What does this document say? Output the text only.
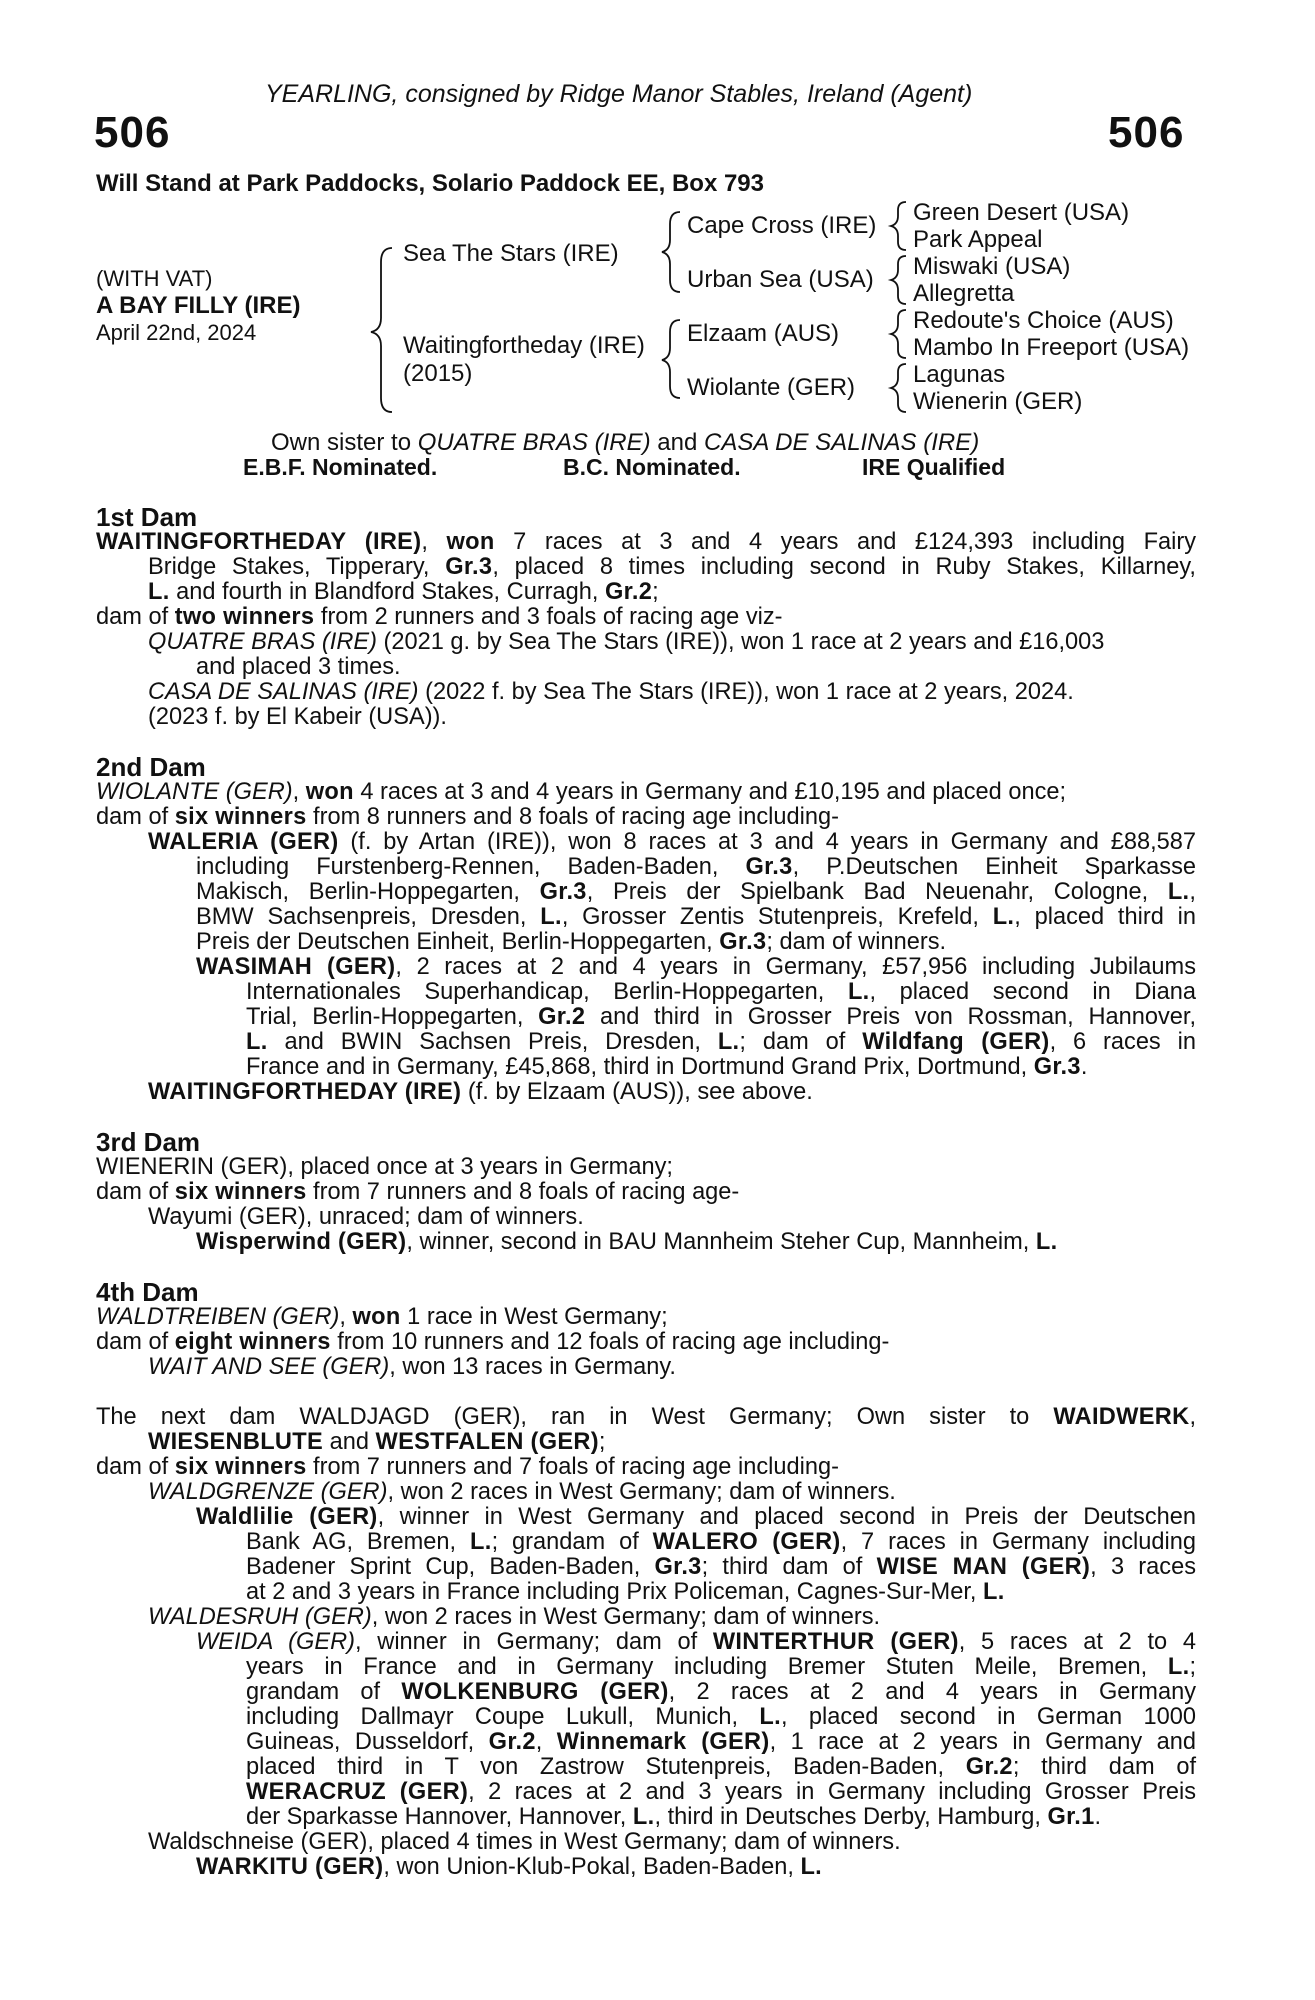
YEARLING, consigned by Ridge Manor Stables, Ireland (Agent)
506	506
Will Stand at Park Paddocks, Solario Paddock EE, Box 793
(WITH VAT)
A BAY FILLY (IRE)
April 22nd, 2024
Sea The Stars (IRE)
Waitingfortheday (IRE)
(2015)
Cape Cross (IRE)
Urban Sea (USA)
Elzaam (AUS)
Wiolante (GER)
Green Desert (USA)
Park Appeal
Miswaki (USA)
Allegretta
Redoute's Choice (AUS)
Mambo In Freeport (USA)
Lagunas
Wienerin (GER)
Own sister to QUATRE BRAS (IRE) and CASA DE SALINAS (IRE)
E.B.F. Nominated.	B.C. Nominated.	IRE Qualified
1st Dam
WAITINGFORTHEDAY (IRE), won 7 races at 3 and 4 years and £124,393 including Fairy
Bridge Stakes, Tipperary, Gr.3, placed 8 times including second in Ruby Stakes, Killarney,
L. and fourth in Blandford Stakes, Curragh, Gr.2;
dam of two winners from 2 runners and 3 foals of racing age viz-
QUATRE BRAS (IRE) (2021 g. by Sea The Stars (IRE)), won 1 race at 2 years and £16,003
and placed 3 times.
CASA DE SALINAS (IRE) (2022 f. by Sea The Stars (IRE)), won 1 race at 2 years, 2024.
(2023 f. by El Kabeir (USA)).
2nd Dam
WIOLANTE (GER), won 4 races at 3 and 4 years in Germany and £10,195 and placed once;
dam of six winners from 8 runners and 8 foals of racing age including-
WALERIA (GER) (f. by Artan (IRE)), won 8 races at 3 and 4 years in Germany and £88,587
including Furstenberg-Rennen, Baden-Baden, Gr.3, P.Deutschen Einheit Sparkasse
Makisch, Berlin-Hoppegarten, Gr.3, Preis der Spielbank Bad Neuenahr, Cologne, L.,
BMW Sachsenpreis, Dresden, L., Grosser Zentis Stutenpreis, Krefeld, L., placed third in
Preis der Deutschen Einheit, Berlin-Hoppegarten, Gr.3; dam of winners.
WASIMAH (GER), 2 races at 2 and 4 years in Germany, £57,956 including Jubilaums
Internationales Superhandicap, Berlin-Hoppegarten, L., placed second in Diana
Trial, Berlin-Hoppegarten, Gr.2 and third in Grosser Preis von Rossman, Hannover,
L. and BWIN Sachsen Preis, Dresden, L.; dam of Wildfang (GER), 6 races in
France and in Germany, £45,868, third in Dortmund Grand Prix, Dortmund, Gr.3.
WAITINGFORTHEDAY (IRE) (f. by Elzaam (AUS)), see above.
3rd Dam
WIENERIN (GER), placed once at 3 years in Germany;
dam of six winners from 7 runners and 8 foals of racing age-
Wayumi (GER), unraced; dam of winners.
Wisperwind (GER), winner, second in BAU Mannheim Steher Cup, Mannheim, L.
4th Dam
WALDTREIBEN (GER), won 1 race in West Germany;
dam of eight winners from 10 runners and 12 foals of racing age including-
WAIT AND SEE (GER), won 13 races in Germany.
The next dam WALDJAGD (GER), ran in West Germany; Own sister to WAIDWERK,
WIESENBLUTE and WESTFALEN (GER);
dam of six winners from 7 runners and 7 foals of racing age including-
WALDGRENZE (GER), won 2 races in West Germany; dam of winners.
Waldlilie (GER), winner in West Germany and placed second in Preis der Deutschen
Bank AG, Bremen, L.; grandam of WALERO (GER), 7 races in Germany including
Badener Sprint Cup, Baden-Baden, Gr.3; third dam of WISE MAN (GER), 3 races
at 2 and 3 years in France including Prix Policeman, Cagnes-Sur-Mer, L.
WALDESRUH (GER), won 2 races in West Germany; dam of winners.
WEIDA (GER), winner in Germany; dam of WINTERTHUR (GER), 5 races at 2 to 4
years in France and in Germany including Bremer Stuten Meile, Bremen, L.;
grandam of WOLKENBURG (GER), 2 races at 2 and 4 years in Germany
including Dallmayr Coupe Lukull, Munich, L., placed second in German 1000
Guineas, Dusseldorf, Gr.2, Winnemark (GER), 1 race at 2 years in Germany and
placed third in T von Zastrow Stutenpreis, Baden-Baden, Gr.2; third dam of
WERACRUZ (GER), 2 races at 2 and 3 years in Germany including Grosser Preis
der Sparkasse Hannover, Hannover, L., third in Deutsches Derby, Hamburg, Gr.1.
Waldschneise (GER), placed 4 times in West Germany; dam of winners.
WARKITU (GER), won Union-Klub-Pokal, Baden-Baden, L.
